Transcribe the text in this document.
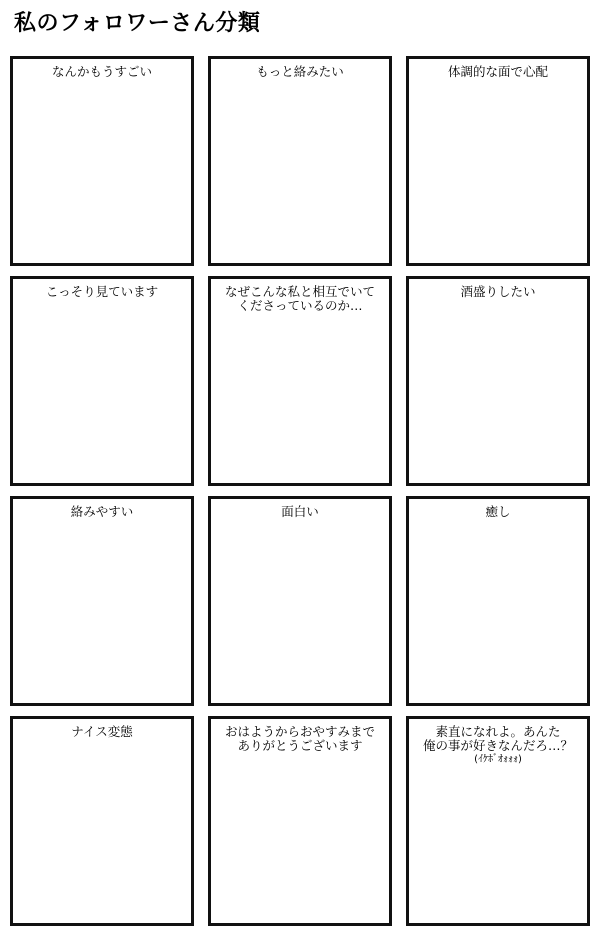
私のフォロワーさん分類
なんかもうすごい	もっと絡みたい	体調的な面で心配
こっそり見ています	なぜこんな私と相互でいて
くださっているのか…
酒盛りしたい
絡みやすい	面白い	癒し
ナイス変態	おはようからおやすみまで
ありがとうございます
素直になれよ。あんた
俺の事が好きなんだろ…？
(ｲｹﾎﾞｵｫｫｫ)
